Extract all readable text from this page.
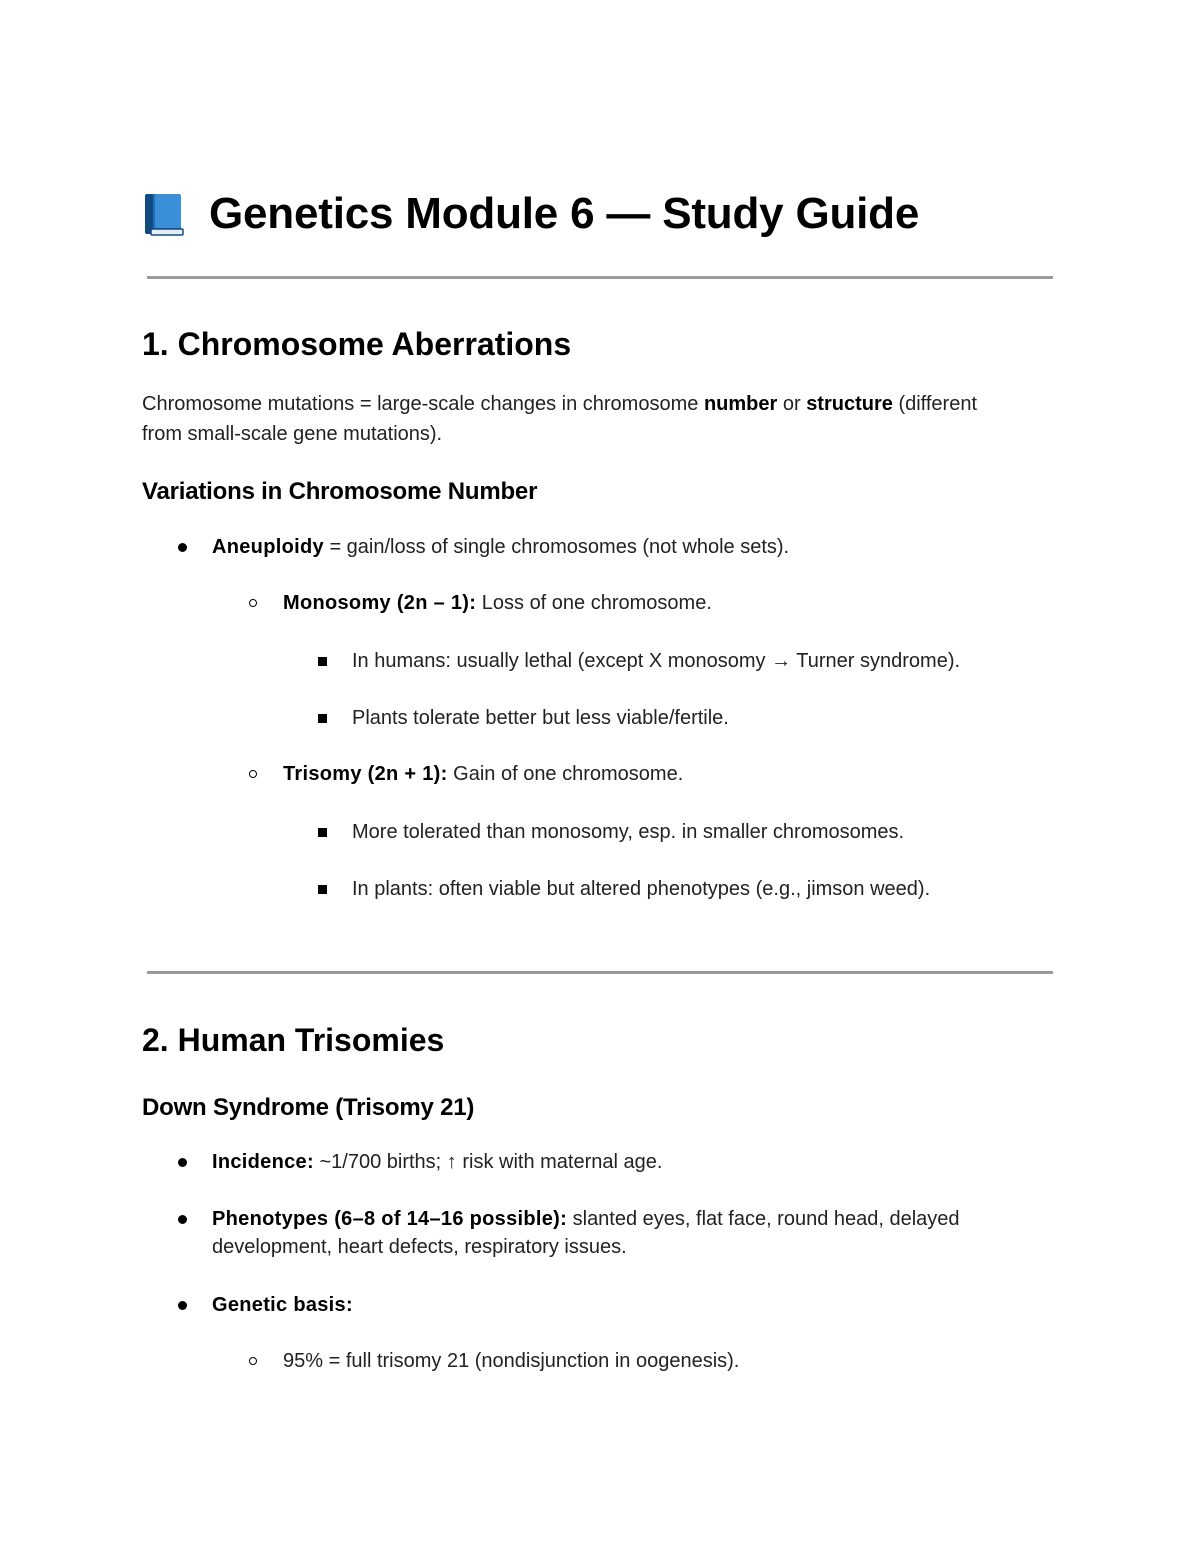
Genetics Module 6 — Study Guide
1. Chromosome Aberrations
Chromosome mutations = large-scale changes in chromosome number or structure (different
from small-scale gene mutations).
Variations in Chromosome Number
Aneuploidy = gain/loss of single chromosomes (not whole sets).
Monosomy (2n – 1): Loss of one chromosome.
In humans: usually lethal (except X monosomy → Turner syndrome).
Plants tolerate better but less viable/fertile.
Trisomy (2n + 1): Gain of one chromosome.
More tolerated than monosomy, esp. in smaller chromosomes.
In plants: often viable but altered phenotypes (e.g., jimson weed).
2. Human Trisomies
Down Syndrome (Trisomy 21)
Incidence: ~1/700 births; ↑ risk with maternal age.
Phenotypes (6–8 of 14–16 possible): slanted eyes, flat face, round head, delayed
development, heart defects, respiratory issues.
Genetic basis:
95% = full trisomy 21 (nondisjunction in oogenesis).
